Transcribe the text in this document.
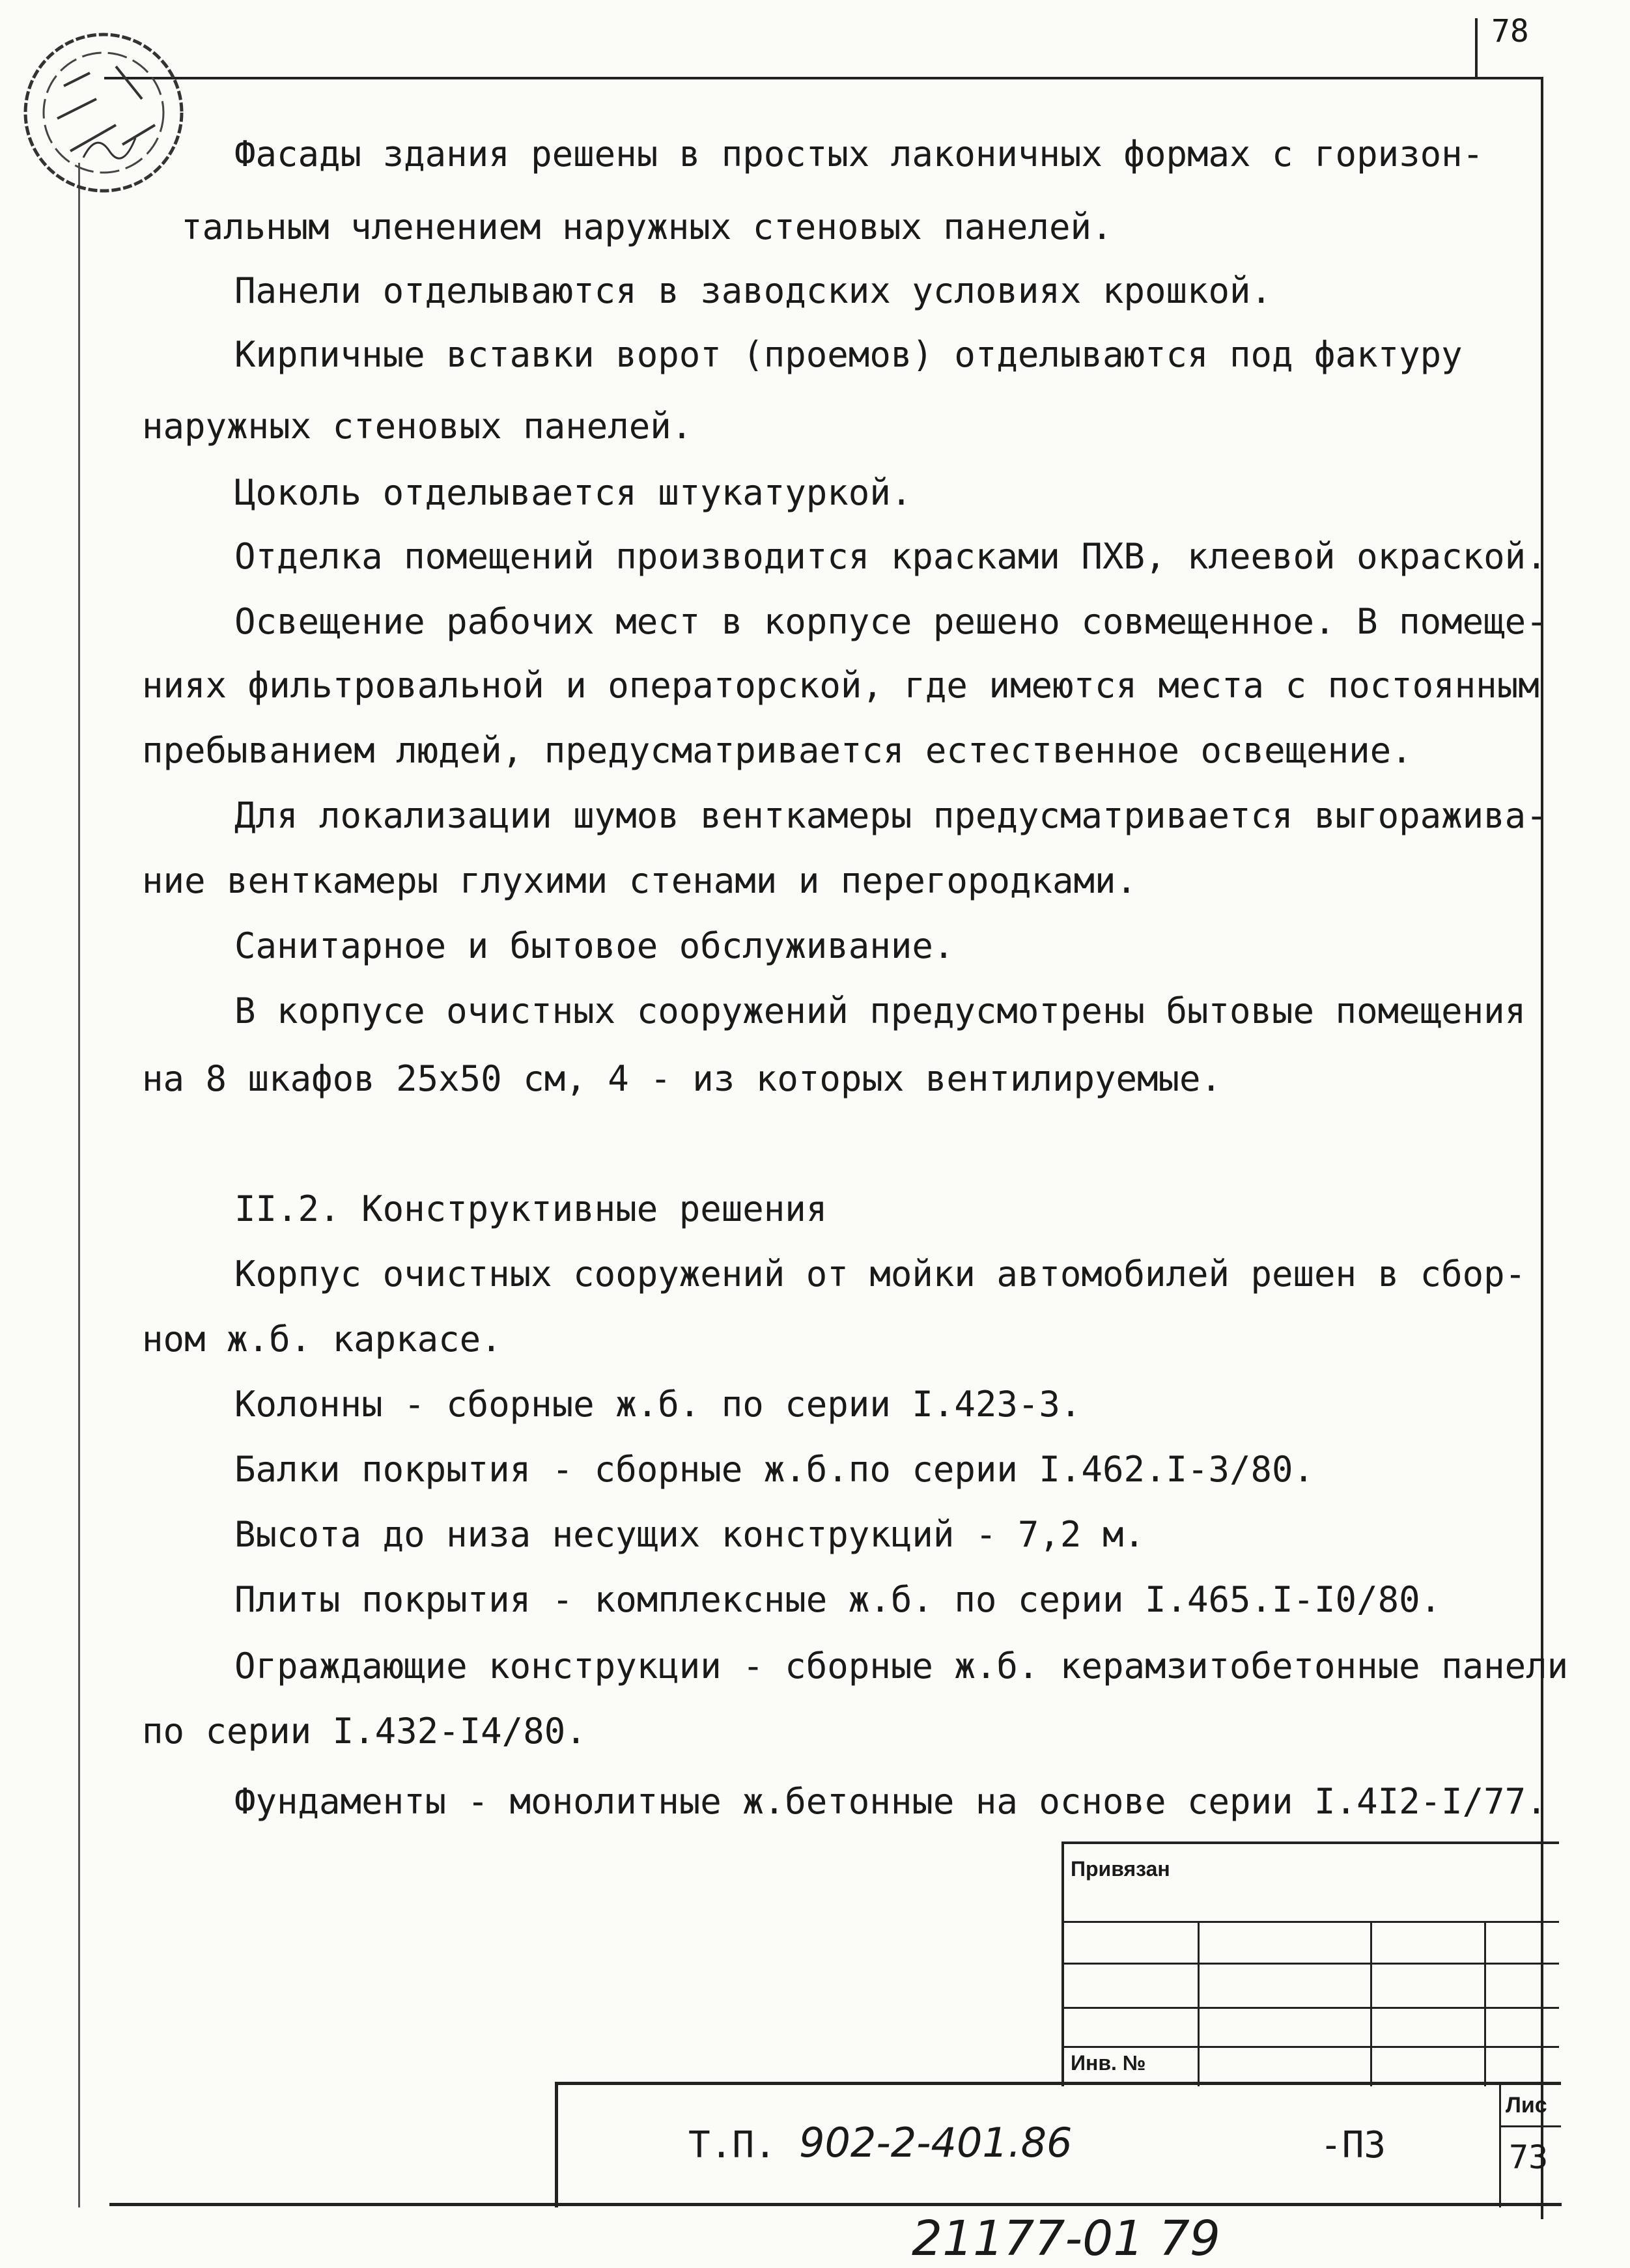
78
Фасады здания решены в простых лаконичных формах с горизон-
тальным членением наружных стеновых панелей.
Панели отделываются в заводских условиях крошкой.
Кирпичные вставки ворот (проемов) отделываются под фактуру
наружных стеновых панелей.
Цоколь отделывается штукатуркой.
Отделка помещений производится красками ПХВ, клеевой окраской.
Освещение рабочих мест в корпусе решено совмещенное. В помеще-
ниях фильтровальной и операторской, где имеются места с постоянным
пребыванием людей, предусматривается естественное освещение.
Для локализации шумов венткамеры предусматривается выгоражива-
ние венткамеры глухими стенами и перегородками.
Санитарное и бытовое обслуживание.
В корпусе очистных сооружений предусмотрены бытовые помещения
на 8 шкафов 25х50 см, 4 - из которых вентилируемые.
II.2. Конструктивные решения
Корпус очистных сооружений от мойки автомобилей решен в сбор-
ном ж.б. каркасе.
Колонны - сборные ж.б. по серии I.423-3.
Балки покрытия - сборные ж.б.по серии I.462.I-3/80.
Высота до низа несущих конструкций - 7,2 м.
Плиты покрытия - комплексные ж.б. по серии I.465.I-I0/80.
Ограждающие конструкции - сборные ж.б. керамзитобетонные панели
по серии I.432-I4/80.
Фундаменты - монолитные ж.бетонные на основе серии I.4I2-I/77.
Привязан
Инв. №
Т.П. 902-2-401.86	-ПЗ
Лис
73
21177-01 79
